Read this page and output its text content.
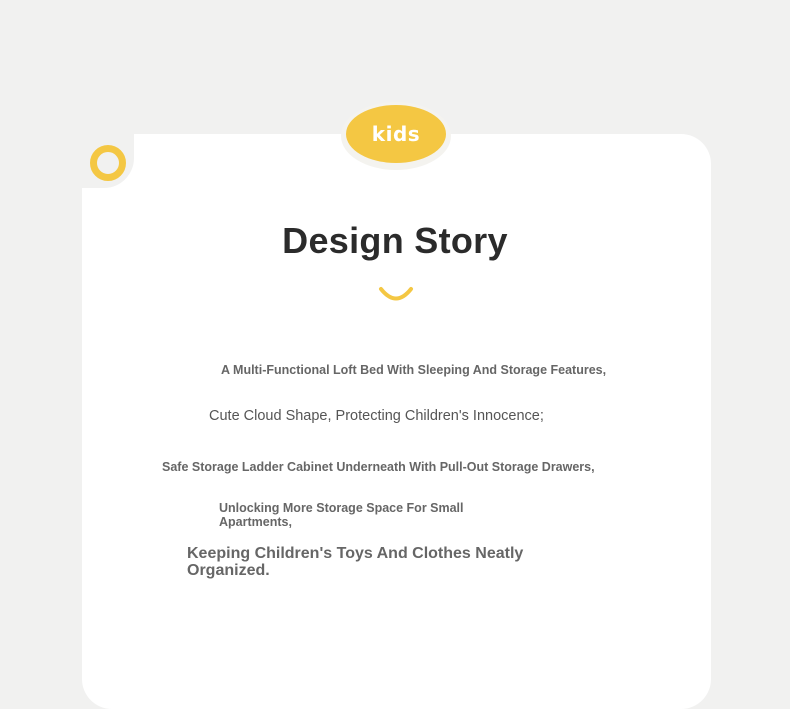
kids
Design Story
A Multi-Functional Loft Bed With Sleeping And Storage Features,
Cute Cloud Shape, Protecting Children's Innocence;
Safe Storage Ladder Cabinet Underneath With Pull-Out Storage Drawers,
Unlocking More Storage Space For Small Apartments,
Keeping Children's Toys And Clothes Neatly Organized.
